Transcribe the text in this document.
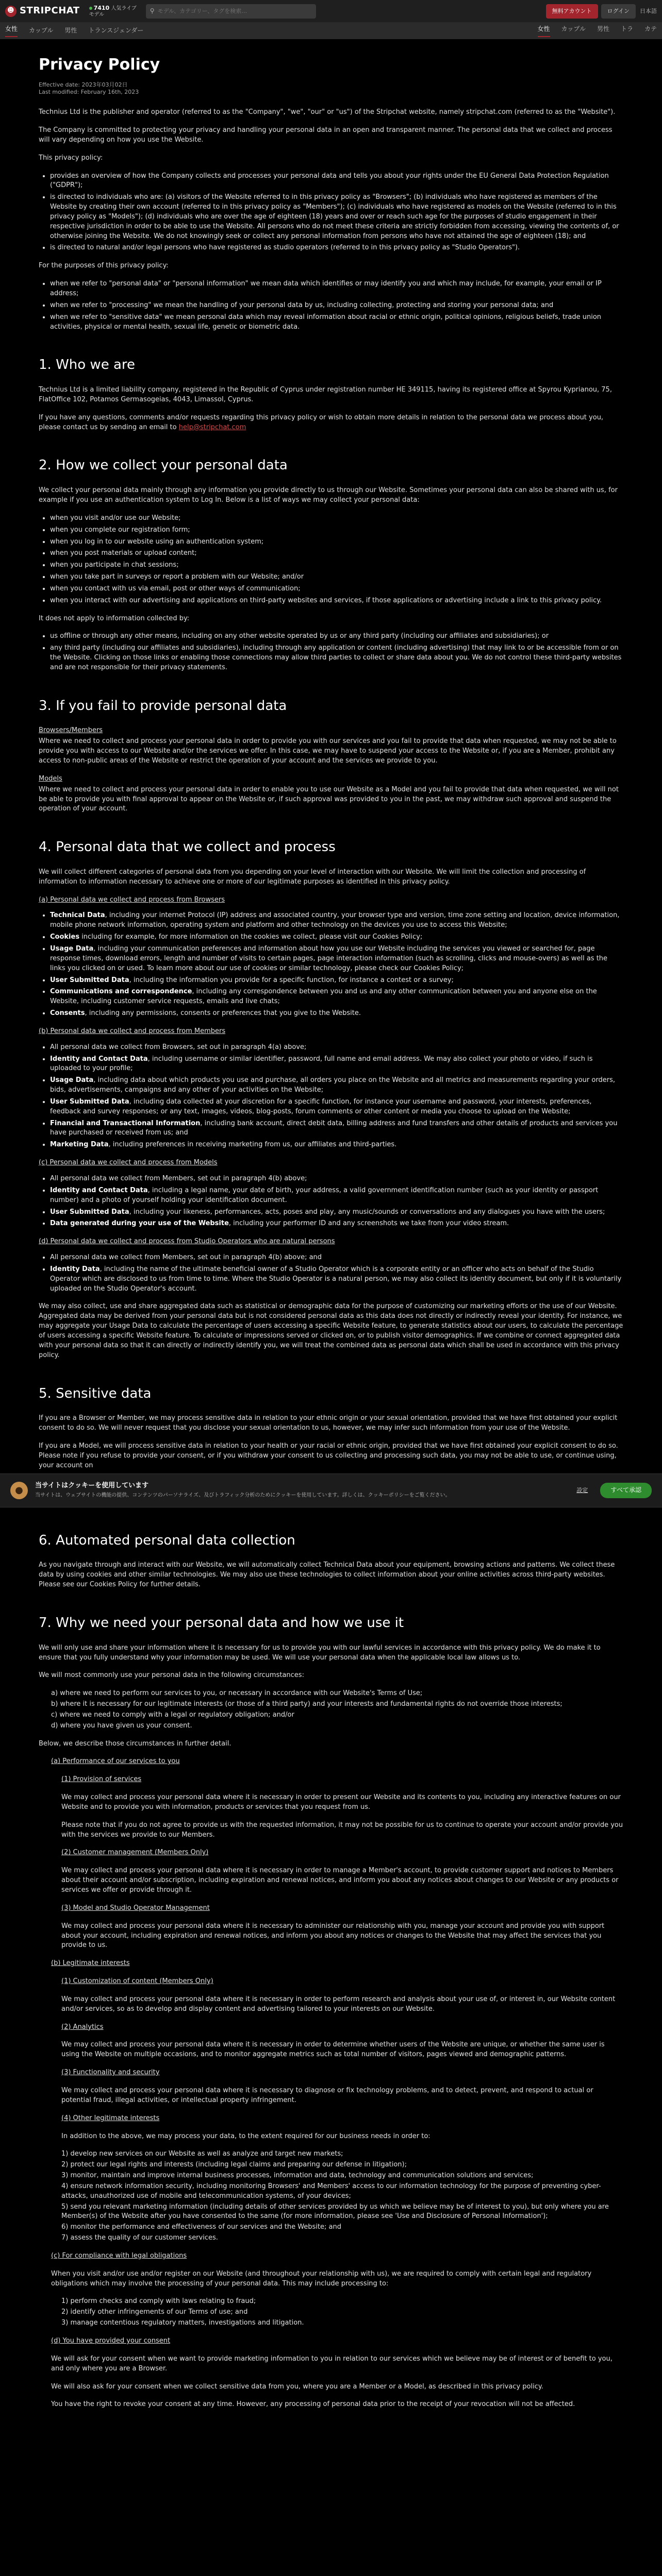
☻ STRIPCHAT	7410 人気ライブ
モデル
⚲
モデル、カテゴリー、タグを検索…	無料アカウント	ログイン	日本語
女性 カップル 男性 トランスジェンダー	女性 カップル 男性 トラ カテ
Privacy Policy
Effective date: 2023年03月02日
Last modified: February 16th, 2023

Technius Ltd is the publisher and operator (referred to as the "Company", "we", "our" or "us") of the Stripchat website, namely stripchat.com (referred to as the "Website").

The Company is committed to protecting your privacy and handling your personal data in an open and transparent manner. The personal data that we collect and process will vary depending on how you use the Website.

This privacy policy:

• provides an overview of how the Company collects and processes your personal data and tells you about your rights under the EU General Data Protection Regulation ("GDPR");
• is directed to individuals who are: (a) visitors of the Website referred to in this privacy policy as "Browsers"; (b) individuals who have registered as members of the Website by creating their own account (referred to in this privacy policy as "Members"); (c) individuals who have registered as models on the Website (referred to in this privacy policy as "Models"); (d) individuals who are over the age of eighteen (18) years and over or reach such age for the purposes of studio engagement in their respective jurisdiction in order to be able to use the Website. All persons who do not meet these criteria are strictly forbidden from accessing, viewing the contents of, or otherwise joining the Website. We do not knowingly seek or collect any personal information from persons who have not attained the age of eighteen (18); and
• is directed to natural and/or legal persons who have registered as studio operators (referred to in this privacy policy as "Studio Operators").

For the purposes of this privacy policy:

• when we refer to "personal data" or "personal information" we mean data which identifies or may identify you and which may include, for example, your email or IP address;
• when we refer to "processing" we mean the handling of your personal data by us, including collecting, protecting and storing your personal data; and
• when we refer to "sensitive data" we mean personal data which may reveal information about racial or ethnic origin, political opinions, religious beliefs, trade union activities, physical or mental health, sexual life, genetic or biometric data.
1. Who we are

Technius Ltd is a limited liability company, registered in the Republic of Cyprus under registration number HE 349115, having its registered office at Spyrou Kyprianou, 75, FlatOffice 102, Potamos Germasogeias, 4043, Limassol, Cyprus.

If you have any questions, comments and/or requests regarding this privacy policy or wish to obtain more details in relation to the personal data we process about you, please contact us by sending an email to help@stripchat.com

2. How we collect your personal data

We collect your personal data mainly through any information you provide directly to us through our Website. Sometimes your personal data can also be shared with us, for example if you use an authentication system to Log In. Below is a list of ways we may collect your personal data:

• when you visit and/or use our Website;
• when you complete our registration form;
• when you log in to our website using an authentication system;
• when you post materials or upload content;
• when you participate in chat sessions;
• when you take part in surveys or report a problem with our Website; and/or
• when you contact with us via email, post or other ways of communication;
• when you interact with our advertising and applications on third-party websites and services, if those applications or advertising include a link to this privacy policy.

It does not apply to information collected by:

• us offline or through any other means, including on any other website operated by us or any third party (including our affiliates and subsidiaries); or
• any third party (including our affiliates and subsidiaries), including through any application or content (including advertising) that may link to or be accessible from or on the Website. Clicking on those links or enabling those connections may allow third parties to collect or share data about you. We do not control these third-party websites and are not responsible for their privacy statements.
3. If you fail to provide personal data

Browsers/Members

Where we need to collect and process your personal data in order to provide you with our services and you fail to provide that data when requested, we may not be able to provide you with access to our Website and/or the services we offer. In this case, we may have to suspend your access to the Website or, if you are a Member, prohibit any access to non-public areas of the Website or restrict the operation of your account and the services we provide to you.

Models

Where we need to collect and process your personal data in order to enable you to use our Website as a Model and you fail to provide that data when requested, we will not be able to provide you with final approval to appear on the Website or, if such approval was provided to you in the past, we may withdraw such approval and suspend the operation of your account.

4. Personal data that we collect and process

We will collect different categories of personal data from you depending on your level of interaction with our Website. We will limit the collection and processing of information to information necessary to achieve one or more of our legitimate purposes as identified in this privacy policy.

(a) Personal data we collect and process from Browsers

• Technical Data, including your internet Protocol (IP) address and associated country, your browser type and version, time zone setting and location, device information, mobile phone network information, operating system and platform and other technology on the devices you use to access this Website;
• Cookies including for example, for more information on the cookies we collect, please visit our Cookies Policy;
• Usage Data, including your communication preferences and information about how you use our Website including the services you viewed or searched for, page response times, download errors, length and number of visits to certain pages, page interaction information (such as scrolling, clicks and mouse-overs) as well as the links you clicked on or used. To learn more about our use of cookies or similar technology, please check our Cookies Policy;
• User Submitted Data, including the information you provide for a specific function, for instance a contest or a survey;
• Communications and correspondence, including any correspondence between you and us and any other communication between you and anyone else on the Website, including customer service requests, emails and live chats;
• Consents, including any permissions, consents or preferences that you give to the Website.

(b) Personal data we collect and process from Members

• All personal data we collect from Browsers, set out in paragraph 4(a) above;
• Identity and Contact Data, including username or similar identifier, password, full name and email address. We may also collect your photo or video, if such is uploaded to your profile;
• Usage Data, including data about which products you use and purchase, all orders you place on the Website and all metrics and measurements regarding your orders, bids, advertisements, campaigns and any other of your activities on the Website;
• User Submitted Data, including data collected at your discretion for a specific function, for instance your username and password, your interests, preferences, feedback and survey responses; or any text, images, videos, blog-posts, forum comments or other content or media you choose to upload on the Website;
• Financial and Transactional Information, including bank account, direct debit data, billing address and fund transfers and other details of products and services you have purchased or received from us; and
• Marketing Data, including preferences in receiving marketing from us, our affiliates and third-parties.

(c) Personal data we collect and process from Models

• All personal data we collect from Members, set out in paragraph 4(b) above;
• Identity and Contact Data, including a legal name, your date of birth, your address, a valid government identification number (such as your identity or passport number) and a photo of yourself holding your identification document.
• User Submitted Data, including your likeness, performances, acts, poses and play, any music/sounds or conversations and any dialogues you have with the users;
• Data generated during your use of the Website, including your performer ID and any screenshots we take from your video stream.

(d) Personal data we collect and process from Studio Operators who are natural persons

• All personal data we collect from Members, set out in paragraph 4(b) above; and
• Identity Data, including the name of the ultimate beneficial owner of a Studio Operator which is a corporate entity or an officer who acts on behalf of the Studio Operator which are disclosed to us from time to time. Where the Studio Operator is a natural person, we may also collect its identity document, but only if it is voluntarily uploaded on the Studio Operator's account.

We may also collect, use and share aggregated data such as statistical or demographic data for the purpose of customizing our marketing efforts or the use of our Website. Aggregated data may be derived from your personal data but is not considered personal data as this data does not directly or indirectly reveal your identity. For instance, we may aggregate your Usage Data to calculate the percentage of users accessing a specific Website feature, to generate statistics about our users, to calculate the percentage of users accessing a specific Website feature. To calculate or impressions served or clicked on, or to publish visitor demographics. If we combine or connect aggregated data with your personal data so that it can directly or indirectly identify you, we will treat the combined data as personal data which shall be used in accordance with this privacy policy.

5. Sensitive data

If you are a Browser or Member, we may process sensitive data in relation to your ethnic origin or your sexual orientation, provided that we have first obtained your explicit consent to do so. We will never request that you disclose your sexual orientation to us, however, we may infer such information from your use of the Website.

If you are a Model, we will process sensitive data in relation to your health or your racial or ethnic origin, provided that we have first obtained your explicit consent to do so. Please note if you refuse to provide your consent, or if you withdraw your consent to us collecting and processing such data, you may not be able to use, or continue using, your account on

●	当サイトはクッキーを使用しています
当サイトは、ウェブサイトの機能の提供、コンテンツのパーソナライズ、及びトラフィック分析のためにクッキーを使用しています。詳しくは、クッキーポリシーをご覧ください。
設定	すべて承認
6. Automated personal data collection

As you navigate through and interact with our Website, we will automatically collect Technical Data about your equipment, browsing actions and patterns. We collect these data by using cookies and other similar technologies. We may also use these technologies to collect information about your online activities across third-party websites. Please see our Cookies Policy for further details.

7. Why we need your personal data and how we use it

We will only use and share your information where it is necessary for us to provide you with our lawful services in accordance with this privacy policy. We do make it to ensure that you fully understand why your information may be used. We will use your personal data when the applicable local law allows us to.

We will most commonly use your personal data in the following circumstances:

a) where we need to perform our services to you, or necessary in accordance with our Website's Terms of Use;

b) where it is necessary for our legitimate interests (or those of a third party) and your interests and fundamental rights do not override those interests;

c) where we need to comply with a legal or regulatory obligation; and/or

d) where you have given us your consent.

Below, we describe those circumstances in further detail.

(a) Performance of our services to you

(1) Provision of services

We may collect and process your personal data where it is necessary in order to present our Website and its contents to you, including any interactive features on our Website and to provide you with information, products or services that you request from us.

Please note that if you do not agree to provide us with the requested information, it may not be possible for us to continue to operate your account and/or provide you with the services we provide to our Members.

(2) Customer management (Members Only)

We may collect and process your personal data where it is necessary in order to manage a Member's account, to provide customer support and notices to Members about their account and/or subscription, including expiration and renewal notices, and inform you about any notices about changes to our Website or any products or services we offer or provide through it.

(3) Model and Studio Operator Management

We may collect and process your personal data where it is necessary to administer our relationship with you, manage your account and provide you with support about your account, including expiration and renewal notices, and inform you about any notices or changes to the Website that may affect the services that you provide to us.

(b) Legitimate interests

(1) Customization of content (Members Only)

We may collect and process your personal data where it is necessary in order to perform research and analysis about your use of, or interest in, our Website content and/or services, so as to develop and display content and advertising tailored to your interests on our Website.

(2) Analytics

We may collect and process your personal data where it is necessary in order to determine whether users of the Website are unique, or whether the same user is using the Website on multiple occasions, and to monitor aggregate metrics such as total number of visitors, pages viewed and demographic patterns.

(3) Functionality and security

We may collect and process your personal data where it is necessary to diagnose or fix technology problems, and to detect, prevent, and respond to actual or potential fraud, illegal activities, or intellectual property infringement.

(4) Other legitimate interests

In addition to the above, we may process your data, to the extent required for our business needs in order to:

1) develop new services on our Website as well as analyze and target new markets;

2) protect our legal rights and interests (including legal claims and preparing our defense in litigation);

3) monitor, maintain and improve internal business processes, information and data, technology and communication solutions and services;

4) ensure network information security, including monitoring Browsers' and Members' access to our information technology for the purpose of preventing cyber-attacks, unauthorized use of mobile and telecommunication systems, of your devices;

5) send you relevant marketing information (including details of other services provided by us which we believe may be of interest to you), but only where you are Member(s) of the Website after you have consented to the same (for more information, please see 'Use and Disclosure of Personal Information');

6) monitor the performance and effectiveness of our services and the Website; and

7) assess the quality of our customer services.

(c) For compliance with legal obligations

When you visit and/or use and/or register on our Website (and throughout your relationship with us), we are required to comply with certain legal and regulatory obligations which may involve the processing of your personal data. This may include processing to:

1) perform checks and comply with laws relating to fraud;

2) identify other infringements of our Terms of use; and

3) manage contentious regulatory matters, investigations and litigation.

(d) You have provided your consent

We will ask for your consent when we want to provide marketing information to you in relation to our services which we believe may be of interest or of benefit to you, and only where you are a Browser.

We will also ask for your consent when we collect sensitive data from you, where you are a Member or a Model, as described in this privacy policy.

You have the right to revoke your consent at any time. However, any processing of personal data prior to the receipt of your revocation will not be affected.
